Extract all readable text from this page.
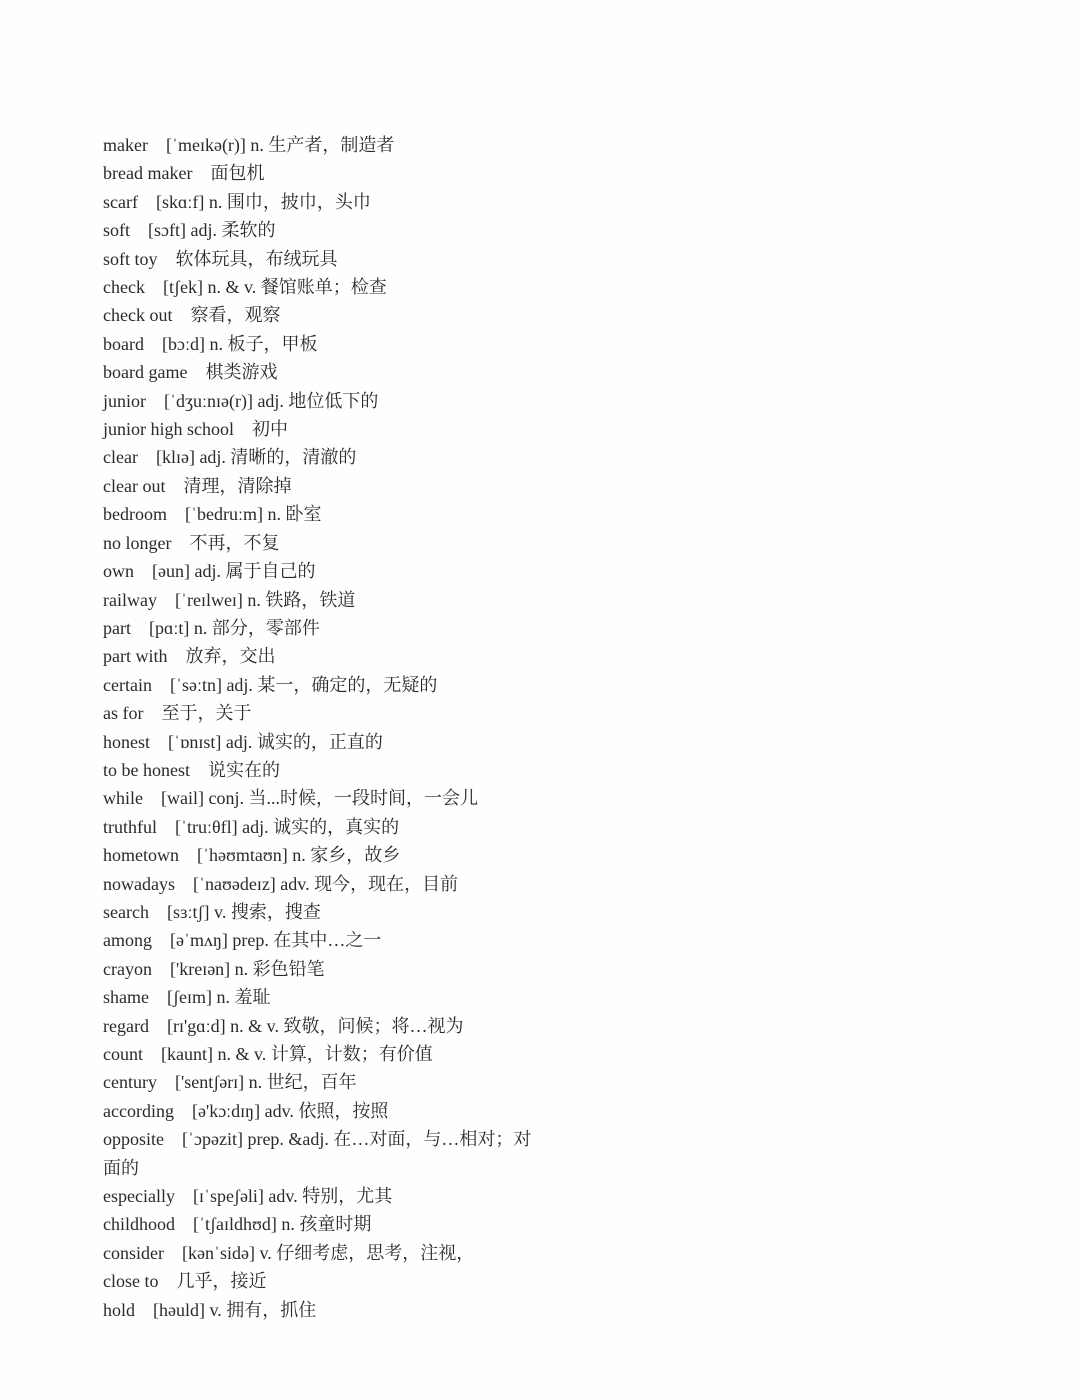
maker　[ˈmeɪkə(r)] n. 生产者，制造者
bread maker　面包机
scarf　[skɑːf] n. 围巾，披巾，头巾
soft　[sɔft] adj. 柔软的
soft toy　软体玩具，布绒玩具
check　[tʃek] n. & v. 餐馆账单；检查
check out　察看，观察
board　[bɔːd] n. 板子，甲板
board game　棋类游戏
junior　[ˈdʒuːnɪə(r)] adj. 地位低下的
junior high school　初中
clear　[klɪə] adj. 清晰的，清澈的
clear out　清理，清除掉
bedroom　[ˈbedruːm] n. 卧室
no longer　不再，不复
own　[əun] adj. 属于自己的
railway　[ˈreɪlweɪ] n. 铁路，铁道
part　[pɑːt] n. 部分，零部件
part with　放弃，交出
certain　[ˈsəːtn] adj. 某一，确定的，无疑的
as for　至于，关于
honest　[ˈɒnɪst] adj. 诚实的，正直的
to be honest　说实在的
while　[wail] conj. 当...时候，一段时间，一会儿
truthful　[ˈtruːθfl] adj. 诚实的，真实的
hometown　[ˈhəʊmtaʊn] n. 家乡，故乡
nowadays　[ˈnaʊədeɪz] adv. 现今，现在，目前
search　[sɜːtʃ] v. 搜索，搜查
among　[əˈmʌŋ] prep. 在其中…之一
crayon　['kreɪən] n. 彩色铅笔
shame　[ʃeɪm] n. 羞耻
regard　[rɪ'gɑːd] n. & v. 致敬，问候；将…视为
count　[kaunt] n. & v. 计算，计数；有价值
century　['sentʃərɪ] n. 世纪，百年
according　[ə'kɔːdɪŋ] adv. 依照，按照
opposite　[ˈɔpəzit] prep. &adj. 在…对面，与…相对；对面的
especially　[ɪˈspeʃəli] adv. 特别，尤其
childhood　[ˈtʃaɪldhʊd] n. 孩童时期
consider　[kənˈsidə] v. 仔细考虑，思考，注视，
close to　几乎，接近
hold　[həuld] v. 拥有，抓住
